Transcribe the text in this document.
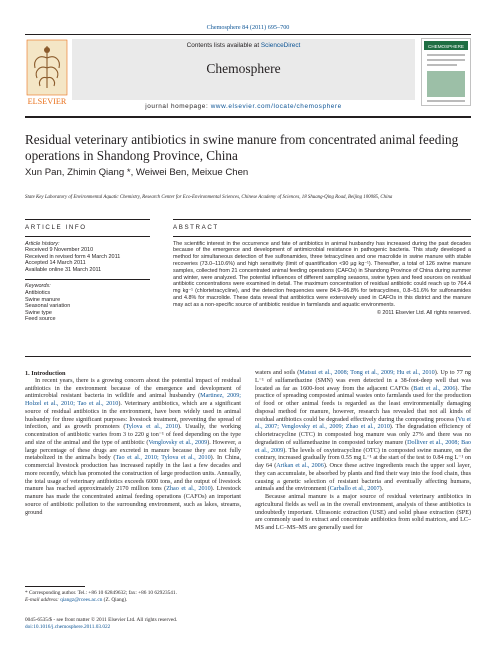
Chemosphere 84 (2011) 695–700
ELSEVIER
Contents lists available at ScienceDirect
Chemosphere
journal homepage: www.elsevier.com/locate/chemosphere
CHEMOSPHERE
Residual veterinary antibiotics in swine manure from concentrated animal feeding operations in Shandong Province, China
Xun Pan, Zhimin Qiang *, Weiwei Ben, Meixue Chen
State Key Laboratory of Environmental Aquatic Chemistry, Research Center for Eco-Environmental Sciences, Chinese Academy of Sciences, 18 Shuang-Qing Road, Beijing 100085, China
ARTICLE INFO
Article history:
Received 9 November 2010
Received in revised form 4 March 2011
Accepted 14 March 2011
Available online 31 March 2011
Keywords:
Antibiotics
Swine manure
Seasonal variation
Swine type
Feed source
ABSTRACT
The scientific interest in the occurrence and fate of antibiotics in animal husbandry has increased during the past decades because of the emergence and development of antimicrobial resistance in pathogenic bacteria. This study developed a method for simultaneous detection of five sulfonamides, three tetracyclines and one macrolide in swine manure with stable recoveries (73.0–110.6%) and high sensitivity (limit of quantification <90 µg kg⁻¹). Thereafter, a total of 126 swine manure samples, collected from 21 concentrated animal feeding operations (CAFOs) in Shandong Province of China during summer and winter, were analyzed. The potential influences of different sampling seasons, swine types and feed sources on residual antibiotic concentrations were examined in detail. The maximum concentration of residual antibiotic could reach up to 764.4 mg kg⁻¹ (chlortetracycline), and the detection frequencies were 84.9–96.8% for tetracyclines, 0.8–51.6% for sulfonamides and 4.8% for macrolide. These data reveal that antibiotics were extensively used in CAFOs in this district and the manure may act as a non-specific source of antibiotic residue in farmlands and aquatic environments.
© 2011 Elsevier Ltd. All rights reserved.

1. Introduction

In recent years, there is a growing concern about the potential impact of residual antibiotics in the environment because of the emergence and development of antimicrobial resistant bacteria in wildlife and animal husbandry (Martinez, 2009; Holzel et al., 2010; Tao et al., 2010). Veterinary antibiotics, which are a significant source of residual antibiotics in the environment, have been widely used in animal husbandry for three significant purposes: livestock treatment, preventing the spread of infection, and as growth promoters (Tylova et al., 2010). Usually, the working concentration of antibiotic varies from 3 to 220 g ton⁻¹ of feed depending on the type and size of the animal and the type of antibiotic (Venglovsky et al., 2009). However, a large percentage of these drugs are excreted in manure because they are not fully metabolized in the animal's body (Tao et al., 2010; Tylova et al., 2010). In China, commercial livestock production has increased rapidly in the last a few decades and more recently, which has promoted the construction of large production units. Annually, the total usage of veterinary antibiotics exceeds 6000 tons, and the output of livestock manure has reached approximately 2170 million tons (Zhao et al., 2010). Livestock manure has made the concentrated animal feeding operations (CAFOs) an important source of antibiotic pollution to the surrounding environment, such as lakes, streams, ground

waters and soils (Matsui et al., 2008; Tong et al., 2009; Hu et al., 2010). Up to 77 ng L⁻¹ of sulfamethazine (SMN) was even detected in a 38-foot-deep well that was located as far as 1600-foot away from the adjacent CAFOs (Batt et al., 2006). The practice of spreading composted animal wastes onto farmlands used for the production of food or other animal feeds is regarded as the least environmentally damaging disposal method for manure, however, research has revealed that not all kinds of residual antibiotics could be degraded effectively during the composting process (Vu et al., 2007; Venglovsky et al., 2009; Zhao et al., 2010). The degradation efficiency of chlortetracycline (CTC) in composted hog manure was only 27% and there was no degradation of sulfamethazine in composted turkey manure (Dolliver et al., 2008; Bao et al., 2009). The levels of oxytetracycline (OTC) in composted swine manure, on the contrary, increased gradually from 0.55 mg L⁻¹ at the start of the test to 0.84 mg L⁻¹ on day 64 (Arikan et al., 2006). Once these active ingredients reach the upper soil layer, they can accumulate, be absorbed by plants and find their way into the food chain, thus causing a genetic selection of resistant bacteria and eventually affecting humans, animals and the environment (Carballo et al., 2007).

Because animal manure is a major source of residual veterinary antibiotics in agricultural fields as well as in the overall environment, analysis of these antibiotics is undoubtedly important. Ultrasonic extraction (USE) and solid phase extraction (SPE) are commonly used to extract and concentrate antibiotics from solid matrices, and LC–MS and LC–MS–MS are generally used for

* Corresponding author. Tel.: +86 10 62849632; fax: +86 10 62923541.
E-mail address: qiangz@rcees.ac.cn (Z. Qiang).
0045-6535/$ - see front matter © 2011 Elsevier Ltd. All rights reserved.
doi:10.1016/j.chemosphere.2011.03.022
